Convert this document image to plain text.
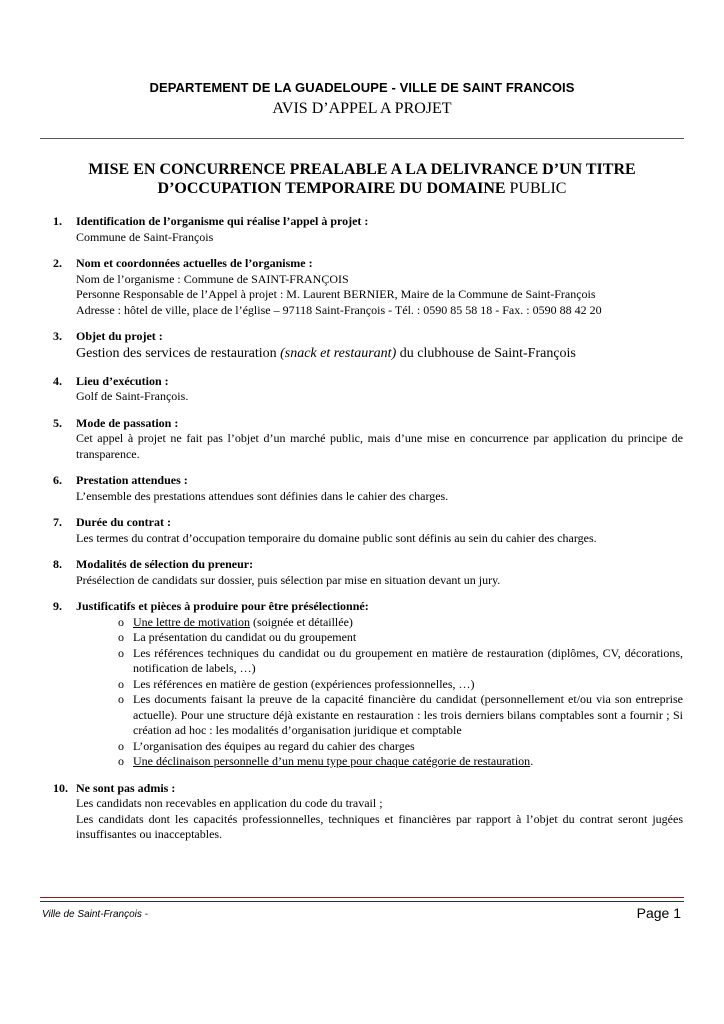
DEPARTEMENT DE LA GUADELOUPE - VILLE DE SAINT FRANCOIS
AVIS D’APPEL A PROJET
MISE EN CONCURRENCE PREALABLE A LA DELIVRANCE D’UN TITRE
D’OCCUPATION TEMPORAIRE DU DOMAINE PUBLIC
1. Identification de l’organisme qui réalise l’appel à projet :
Commune de Saint-François
2. Nom et coordonnées actuelles de l’organisme :
Nom de l’organisme : Commune de SAINT-FRANÇOIS
Personne Responsable de l’Appel à projet : M. Laurent BERNIER, Maire de la Commune de Saint-François
Adresse : hôtel de ville, place de l’église – 97118 Saint-François - Tél. : 0590 85 58 18 - Fax. : 0590 88 42 20
3. Objet du projet :
Gestion des services de restauration (snack et restaurant) du clubhouse de Saint-François
4. Lieu d’exécution :
Golf de Saint-François.
5. Mode de passation :
Cet appel à projet ne fait pas l’objet d’un marché public, mais d’une mise en concurrence par application du principe de transparence.
6. Prestation attendues :
L’ensemble des prestations attendues sont définies dans le cahier des charges.
7. Durée du contrat :
Les termes du contrat d’occupation temporaire du domaine public sont définis au sein du cahier des charges.
8. Modalités de sélection du preneur:
Présélection de candidats sur dossier, puis sélection par mise en situation devant un jury.
9. Justificatifs et pièces à produire pour être présélectionné:
o Une lettre de motivation (soignée et détaillée)
o La présentation du candidat ou du groupement
o Les références techniques du candidat ou du groupement en matière de restauration (diplômes, CV, décorations, notification de labels, …)
o Les références en matière de gestion (expériences professionnelles, …)
o Les documents faisant la preuve de la capacité financière du candidat (personnellement et/ou via son entreprise actuelle). Pour une structure déjà existante en restauration : les trois derniers bilans comptables sont a fournir ; Si création ad hoc : les modalités d’organisation juridique et comptable
o L’organisation des équipes au regard du cahier des charges
o Une déclinaison personnelle d’un menu type pour chaque catégorie de restauration.
10. Ne sont pas admis :
Les candidats non recevables en application du code du travail ;
Les candidats dont les capacités professionnelles, techniques et financières par rapport à l’objet du contrat seront jugées insuffisantes ou inacceptables.
Ville de Saint-François -	Page 1
